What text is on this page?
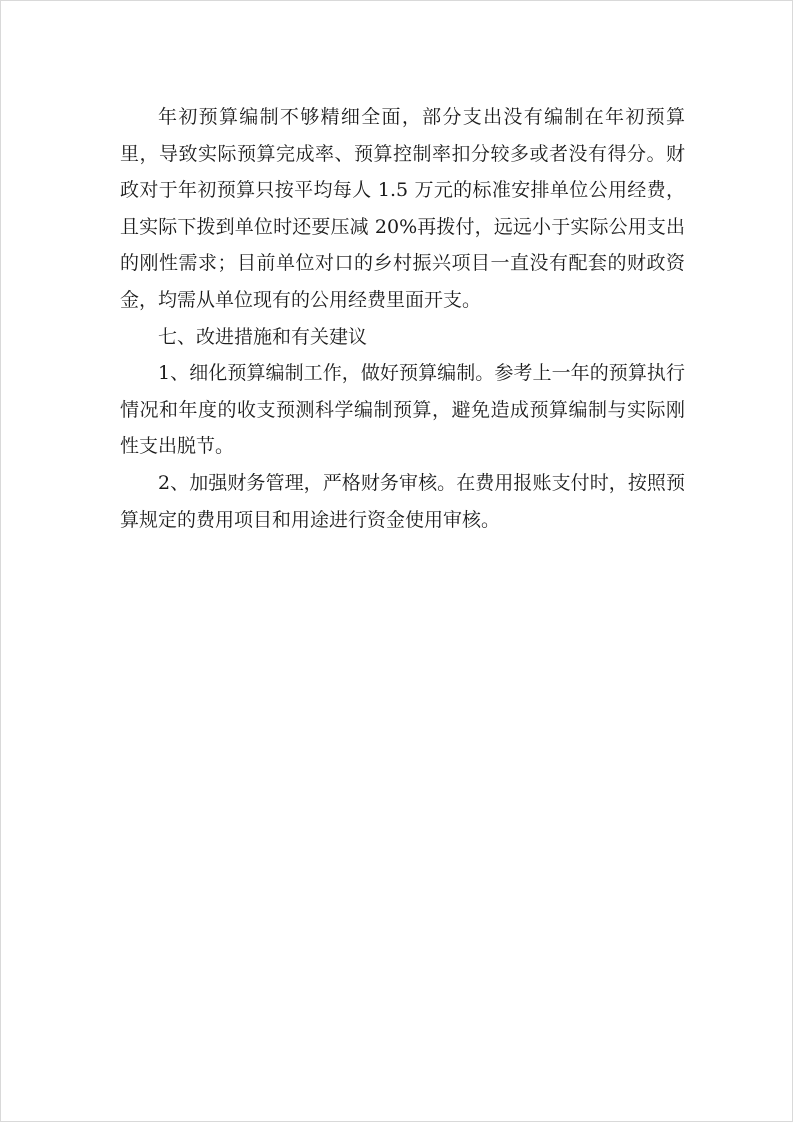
年初预算编制不够精细全面，部分支出没有编制在年初预算里，导致实际预算完成率、预算控制率扣分较多或者没有得分。财政对于年初预算只按平均每人 1.5 万元的标准安排单位公用经费，且实际下拨到单位时还要压减 20%再拨付，远远小于实际公用支出的刚性需求；目前单位对口的乡村振兴项目一直没有配套的财政资金，均需从单位现有的公用经费里面开支。

七、改进措施和有关建议

1、细化预算编制工作，做好预算编制。参考上一年的预算执行情况和年度的收支预测科学编制预算，避免造成预算编制与实际刚性支出脱节。

2、加强财务管理，严格财务审核。在费用报账支付时，按照预算规定的费用项目和用途进行资金使用审核。
